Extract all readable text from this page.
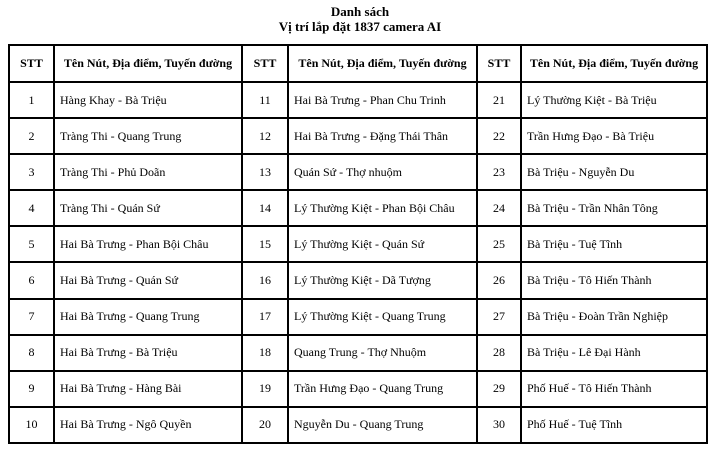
Danh sách
Vị trí lắp đặt 1837 camera AI
STT	Tên Nút, Địa điểm, Tuyến đường	STT	Tên Nút, Địa điểm, Tuyến đường	STT	Tên Nút, Địa điểm, Tuyến đường
1	Hàng Khay - Bà Triệu	11	Hai Bà Trưng - Phan Chu Trinh	21	Lý Thường Kiệt - Bà Triệu
2	Tràng Thi - Quang Trung	12	Hai Bà Trưng - Đặng Thái Thân	22	Trần Hưng Đạo - Bà Triệu
3	Tràng Thi - Phủ Doãn	13	Quán Sứ - Thợ nhuộm	23	Bà Triệu - Nguyễn Du
4	Tràng Thi - Quán Sứ	14	Lý Thường Kiệt - Phan Bội Châu	24	Bà Triệu - Trần Nhân Tông
5	Hai Bà Trưng - Phan Bội Châu	15	Lý Thường Kiệt - Quán Sứ	25	Bà Triệu - Tuệ Tĩnh
6	Hai Bà Trưng - Quán Sứ	16	Lý Thường Kiệt - Dã Tượng	26	Bà Triệu - Tô Hiến Thành
7	Hai Bà Trưng - Quang Trung	17	Lý Thường Kiệt - Quang Trung	27	Bà Triệu - Đoàn Trần Nghiệp
8	Hai Bà Trưng - Bà Triệu	18	Quang Trung - Thợ Nhuộm	28	Bà Triệu - Lê Đại Hành
9	Hai Bà Trưng - Hàng Bài	19	Trần Hưng Đạo - Quang Trung	29	Phố Huế - Tô Hiến Thành
10	Hai Bà Trưng - Ngô Quyền	20	Nguyễn Du - Quang Trung	30	Phố Huế - Tuệ Tĩnh
